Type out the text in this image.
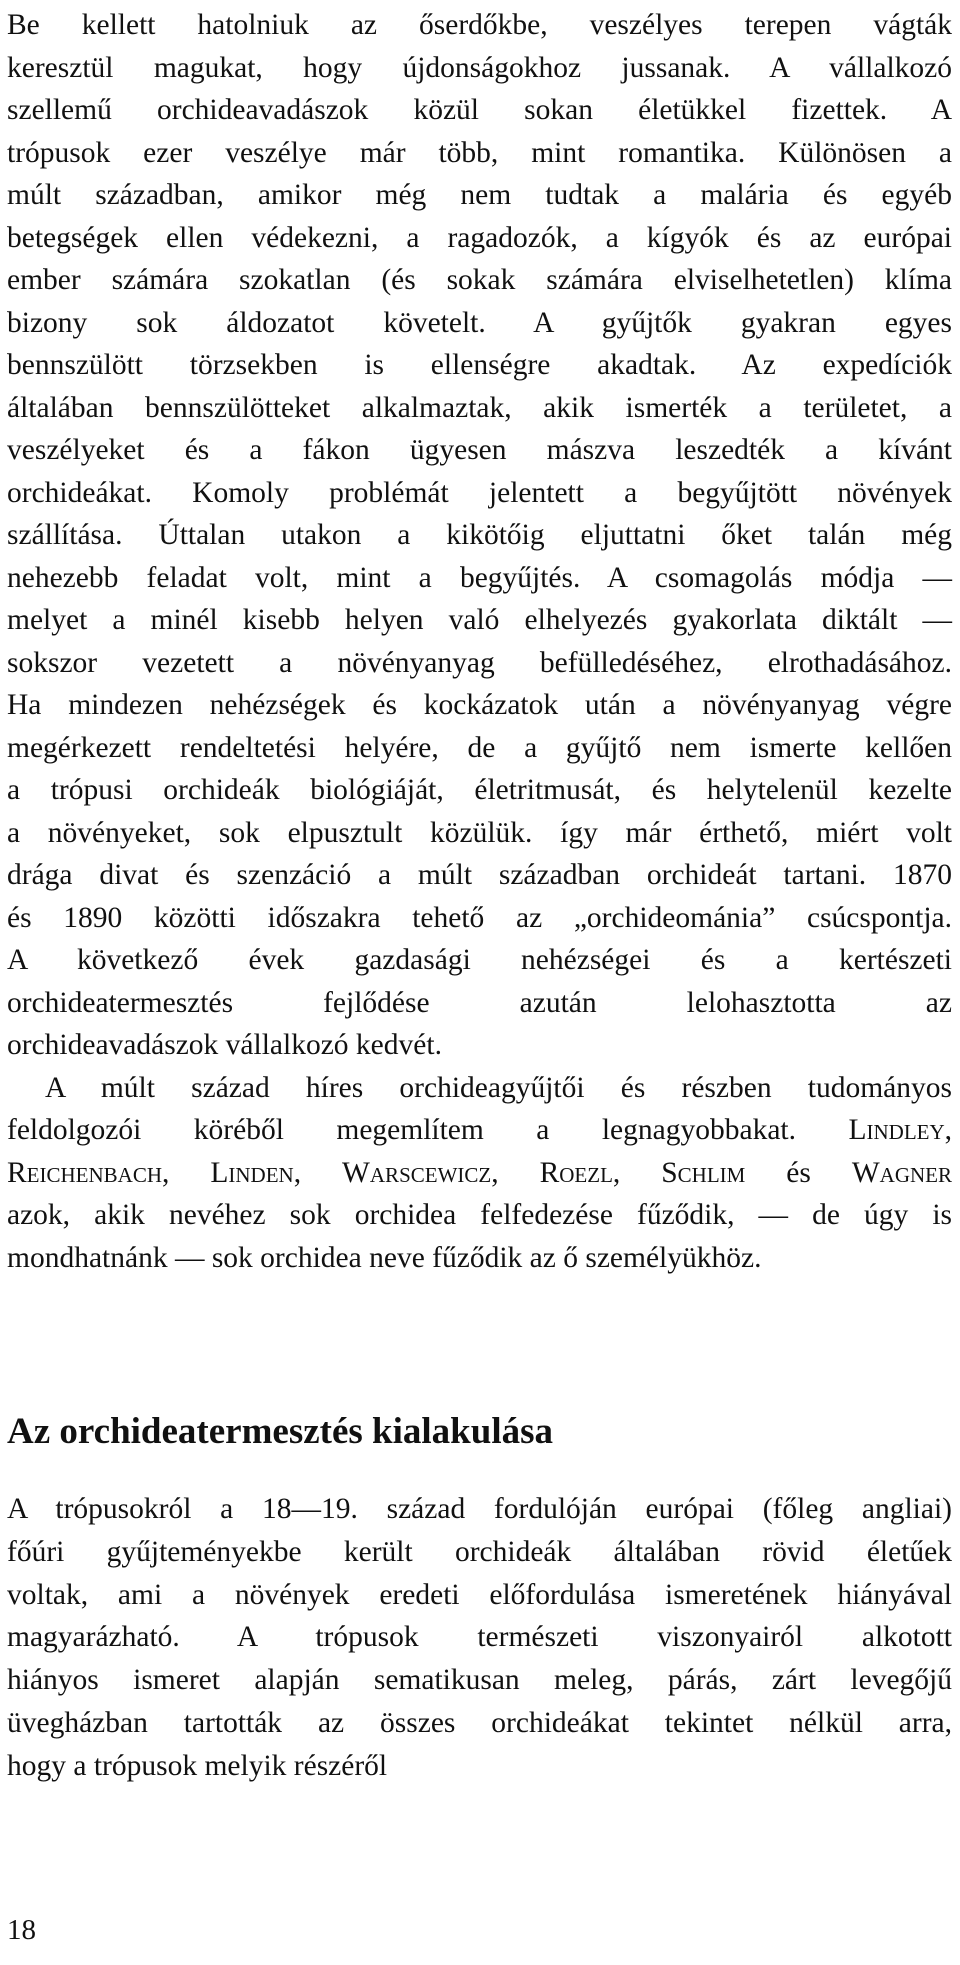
Be kellett hatolniuk az őserdőkbe, veszélyes terepen vágták
keresztül magukat, hogy újdonságokhoz jussanak. A vállalkozó
szellemű orchideavadászok közül sokan életükkel fizettek. A
trópusok ezer veszélye már több, mint romantika. Különösen a
múlt században, amikor még nem tudtak a malária és egyéb
betegségek ellen védekezni, a ragadozók, a kígyók és az európai
ember számára szokatlan (és sokak számára elviselhetetlen) klíma
bizony sok áldozatot követelt. A gyűjtők gyakran egyes
bennszülött törzsekben is ellenségre akadtak. Az expedíciók
általában bennszülötteket alkalmaztak, akik ismerték a területet, a
veszélyeket és a fákon ügyesen mászva leszedték a kívánt
orchideákat. Komoly problémát jelentett a begyűjtött növények
szállítása. Úttalan utakon a kikötőig eljuttatni őket talán még
nehezebb feladat volt, mint a begyűjtés. A csomagolás módja —
melyet a minél kisebb helyen való elhelyezés gyakorlata diktált —
sokszor vezetett a növényanyag befülledéséhez, elrothadásához.
Ha mindezen nehézségek és kockázatok után a növényanyag végre
megérkezett rendeltetési helyére, de a gyűjtő nem ismerte kellően
a trópusi orchideák biológiáját, életritmusát, és helytelenül kezelte
a növényeket, sok elpusztult közülük. így már érthető, miért volt
drága divat és szenzáció a múlt században orchideát tartani. 1870
és 1890 közötti időszakra tehető az „orchideománia” csúcspontja.
A következő évek gazdasági nehézségei és a kertészeti
orchideatermesztés fejlődése azután lelohasztotta az
orchideavadászok vállalkozó kedvét.
A múlt század híres orchideagyűjtői és részben tudományos
feldolgozói köréből megemlítem a legnagyobbakat. Lindley,
Reichenbach, Linden, Warscewicz, Roezl, Schlim és Wagner
azok, akik nevéhez sok orchidea felfedezése fűződik, — de úgy is
mondhatnánk — sok orchidea neve fűződik az ő személyükhöz.
Az orchideatermesztés kialakulása
A trópusokról a 18—19. század fordulóján európai (főleg angliai)
főúri gyűjteményekbe került orchideák általában rövid életűek
voltak, ami a növények eredeti előfordulása ismeretének hiányával
magyarázható. A trópusok természeti viszonyairól alkotott
hiányos ismeret alapján sematikusan meleg, párás, zárt levegőjű
üvegházban tartották az összes orchideákat tekintet nélkül arra,
hogy a trópusok melyik részéről
18
